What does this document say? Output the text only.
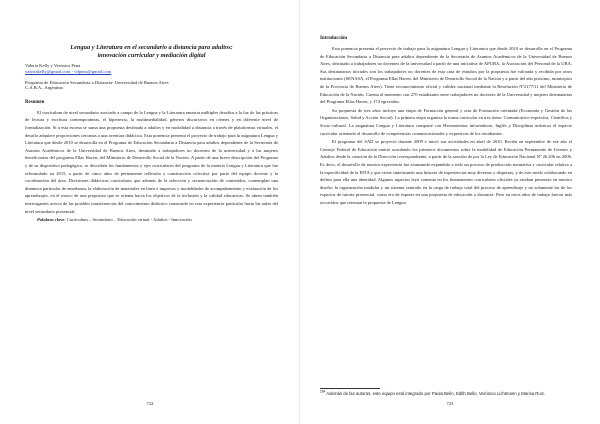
Lengua y Literatura en el secundario a distancia para adultos:
innovación curricular y mediación digital

Valeria Kelly y Verónica Pena

valeriakelly@gmail.com - vdpena@gmail.com

Programa de Educación Secundaria a Distancia- Universidad de Buenos Aires

C.A.B.A., Argentina

Resumen

El currículum de nivel secundario asociado a campo de la Lengua y la Literatura enuncia múltiples desafíos a la luz de las prácticas de lectura y escritura contemporáneas, el hipertexto, la multimedialidad, géneros discursivos en ciernes y en diferente nivel de formalización. Si a esta escena se suma una propuesta destinada a adultos y en modalidad a distancia a través de plataformas virtuales, el desafío adquiere proporciones cercanas a una aventura didáctica. Esta ponencia presenta el proyecto de trabajo para la asignatura Lengua y Literatura que desde 2010 se desarrolla en el Programa de Educación Secundaria a Distancia para adultos dependiente de la Secretaría de Asuntos Académicos de la Universidad de Buenos Aires, destinado a trabajadores no docentes de la universidad y a las mujeres beneficiarias del programa Ellas Hacen, del Ministerio de Desarrollo Social de la Nación. A partir de una breve descripción del Programa y de su dispositivo pedagógico, se describen los fundamentos y ejes curriculares del programa de la materia Lengua y Literatura que fue reformulado en 2015, a partir de cinco años de permanente reflexión y construcción colectiva por parte del equipo docente y la coordinación del área. Decisiones didácticas curriculares que además de la selección y secuenciación de contenidos, contemplan una dinámica particular de enseñanza, la elaboración de materiales en línea e impresos y modalidades de acompañamiento y evaluación de los aprendizajes, en el marco de una propuesta que se orienta hacia los objetivos de la inclusión y la calidad educativas. Se abren también interrogantes acerca de las posibles transferencias del conocimiento didáctico construido en esta experiencia particular hacia las aulas del nivel secundario presencial.

Palabras clave: Currículum – Secundario – Educación virtual - Adultos - Innovación

722
Introducción

Esta ponencia presenta el proyecto de trabajo para la asignatura Lengua y Literatura que desde 2010 se desarrolla en el Programa de Educación Secundaria a Distancia para adultos dependiente de la Secretaría de Asuntos Académicos de la Universidad de Buenos Aires, destinado a trabajadores no docentes de la universidad a partir de una iniciativa de APUBA, la Asociación del Personal de la UBA. Sus destinatarios iniciales son los trabajadores no docentes de esta casa de estudios por la propuesta fue valorada y recibida por otros instituciones (SENASA, el Programa Ellas Hacen, del Ministerio de Desarrollo Social de la Nación y a partir del año próximo, municipios de la Provincia de Buenos Aires). Tiene reconocimiento oficial y validez nacional mediante la Resolución Nº2177/11 del Ministerio de Educación de la Nación. Cuenta al momento con 270 estudiantes entre trabajadores no docentes de la Universidad y mujeres destinatarias del Programa Ellas Hacen, y 174 egresados.

Su propuesta de tres años incluye una etapa de Formación general y otra de Formación orientada (Economía y Gestión de las Organizaciones, Salud y Acción Social). La primera etapa organiza la trama curricular en tres áreas: Comunicativo-expresiva, Científica y Socio-cultural. La asignatura Lengua y Literatura comparte con Herramientas informáticas, Inglés y Disciplinas artísticas el espacio curricular orientado al desarrollo de competencias comunicacionales y expresivas de los estudiantes.

El programa del SAD se proyectó durante 2009 e inició sus actividades en abril de 2010. Recién en septiembre de ese año el Consejo Federal de Educación emitió acordando los primeros documentos sobre la modalidad de Educación Permanente de Jóvenes y Adultos desde la creación de la Dirección correspondiente, a partir de la sanción de por la Ley de Educación Nacional Nº 26.206 en 2006. Es decir, el desarrollo de nuestra experiencia fue avanzando expandido a todo un proceso de producción normativa y curricular relativa a la especificidad de la EPJA y que viene sintetizando una historia de experiencias muy diversas y dispersas, y de este modo colaborando en definir para ella una identidad. Algunos aspectos leyó comenta en los lineamientos curriculares oficiales ya estaban presentes en nuestro diseño: la organización modular y un sistema centrado en la carga de trabajo total del proceso de aprendizaje y no solamente las de los espacios de tutoría presencial, como era de esperar en una propuesta de educación a distancia. Pero en estos años de trabajo fueron más recorridos que orientan la propuesta de Lengua

$^{264}$ Además de las autoras, este equipo está integrado por Paula Belin, Edith Bello, Verónica Lichtmann y Marisa Ruiz.
723
